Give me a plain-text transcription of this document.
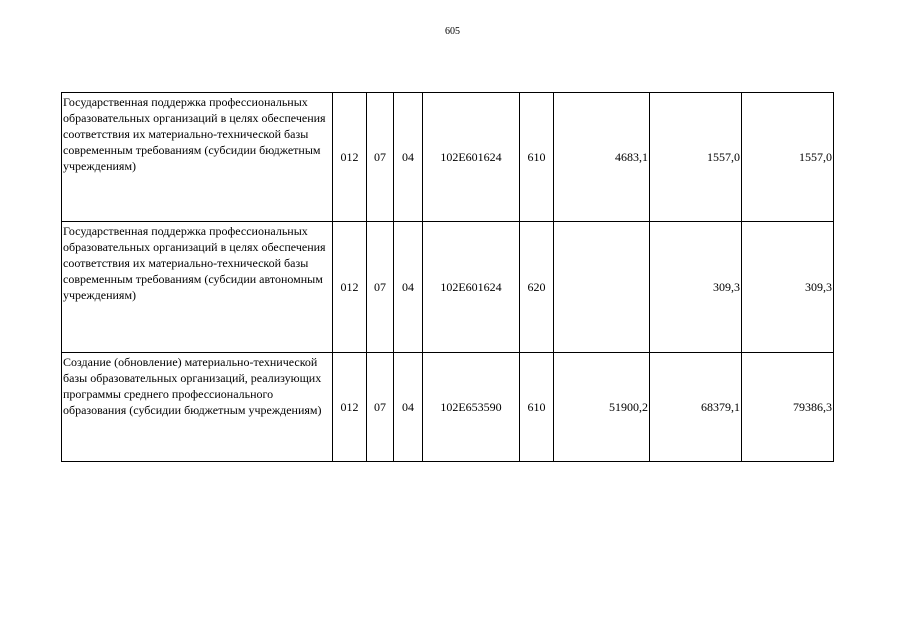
605
Государственная поддержка профессиональных образовательных организаций в целях обеспечения соответствия их материально-технической базы современным требованиям (субсидии бюджетным учреждениям)	012	07	04	102E601624	610	4683,1	1557,0	1557,0
Государственная поддержка профессиональных образовательных организаций в целях обеспечения соответствия их материально-технической базы современным требованиям (субсидии автономным учреждениям)	012	07	04	102E601624	620		309,3	309,3
Создание (обновление) материально-технической базы образовательных организаций, реализующих программы среднего профессионального образования (субсидии бюджетным учреждениям)	012	07	04	102E653590	610	51900,2	68379,1	79386,3
